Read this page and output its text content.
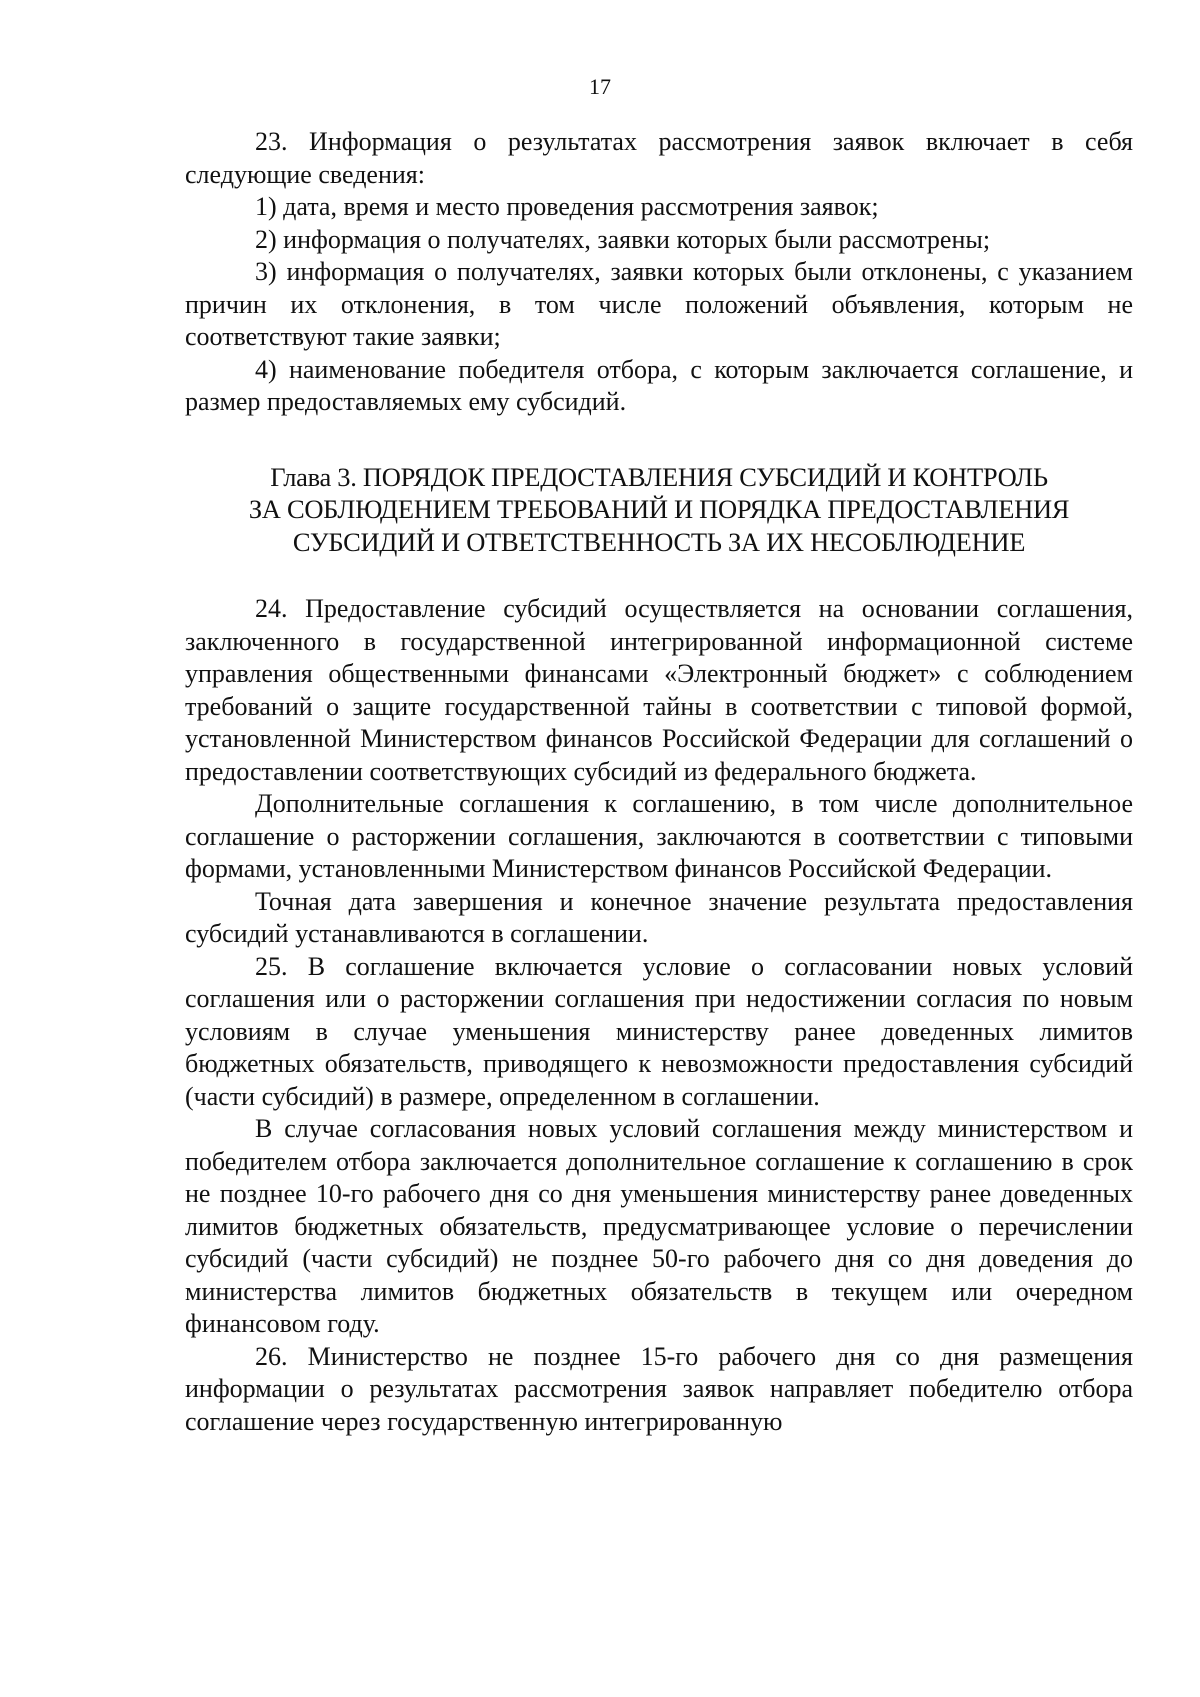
17

23. Информация о результатах рассмотрения заявок включает в себя следующие сведения:

1) дата, время и место проведения рассмотрения заявок;

2) информация о получателях, заявки которых были рассмотрены;

3) информация о получателях, заявки которых были отклонены, с указанием причин их отклонения, в том числе положений объявления, которым не соответствуют такие заявки;

4) наименование победителя отбора, с которым заключается соглашение, и размер предоставляемых ему субсидий.

Глава 3. ПОРЯДОК ПРЕДОСТАВЛЕНИЯ СУБСИДИЙ И КОНТРОЛЬ
ЗА СОБЛЮДЕНИЕМ ТРЕБОВАНИЙ И ПОРЯДКА ПРЕДОСТАВЛЕНИЯ
СУБСИДИЙ И ОТВЕТСТВЕННОСТЬ ЗА ИХ НЕСОБЛЮДЕНИЕ

24. Предоставление субсидий осуществляется на основании соглашения, заключенного в государственной интегрированной информационной системе управления общественными финансами «Электронный бюджет» с соблюдением требований о защите государственной тайны в соответствии с типовой формой, установленной Министерством финансов Российской Федерации для соглашений о предоставлении соответствующих субсидий из федерального бюджета.

Дополнительные соглашения к соглашению, в том числе дополнительное соглашение о расторжении соглашения, заключаются в соответствии с типовыми формами, установленными Министерством финансов Российской Федерации.

Точная дата завершения и конечное значение результата предоставления субсидий устанавливаются в соглашении.

25. В соглашение включается условие о согласовании новых условий соглашения или о расторжении соглашения при недостижении согласия по новым условиям в случае уменьшения министерству ранее доведенных лимитов бюджетных обязательств, приводящего к невозможности предоставления субсидий (части субсидий) в размере, определенном в соглашении.

В случае согласования новых условий соглашения между министерством и победителем отбора заключается дополнительное соглашение к соглашению в срок не позднее 10-го рабочего дня со дня уменьшения министерству ранее доведенных лимитов бюджетных обязательств, предусматривающее условие о перечислении субсидий (части субсидий) не позднее 50-го рабочего дня со дня доведения до министерства лимитов бюджетных обязательств в текущем или очередном финансовом году.

26. Министерство не позднее 15-го рабочего дня со дня размещения информации о результатах рассмотрения заявок направляет победителю отбора соглашение через государственную интегрированную
